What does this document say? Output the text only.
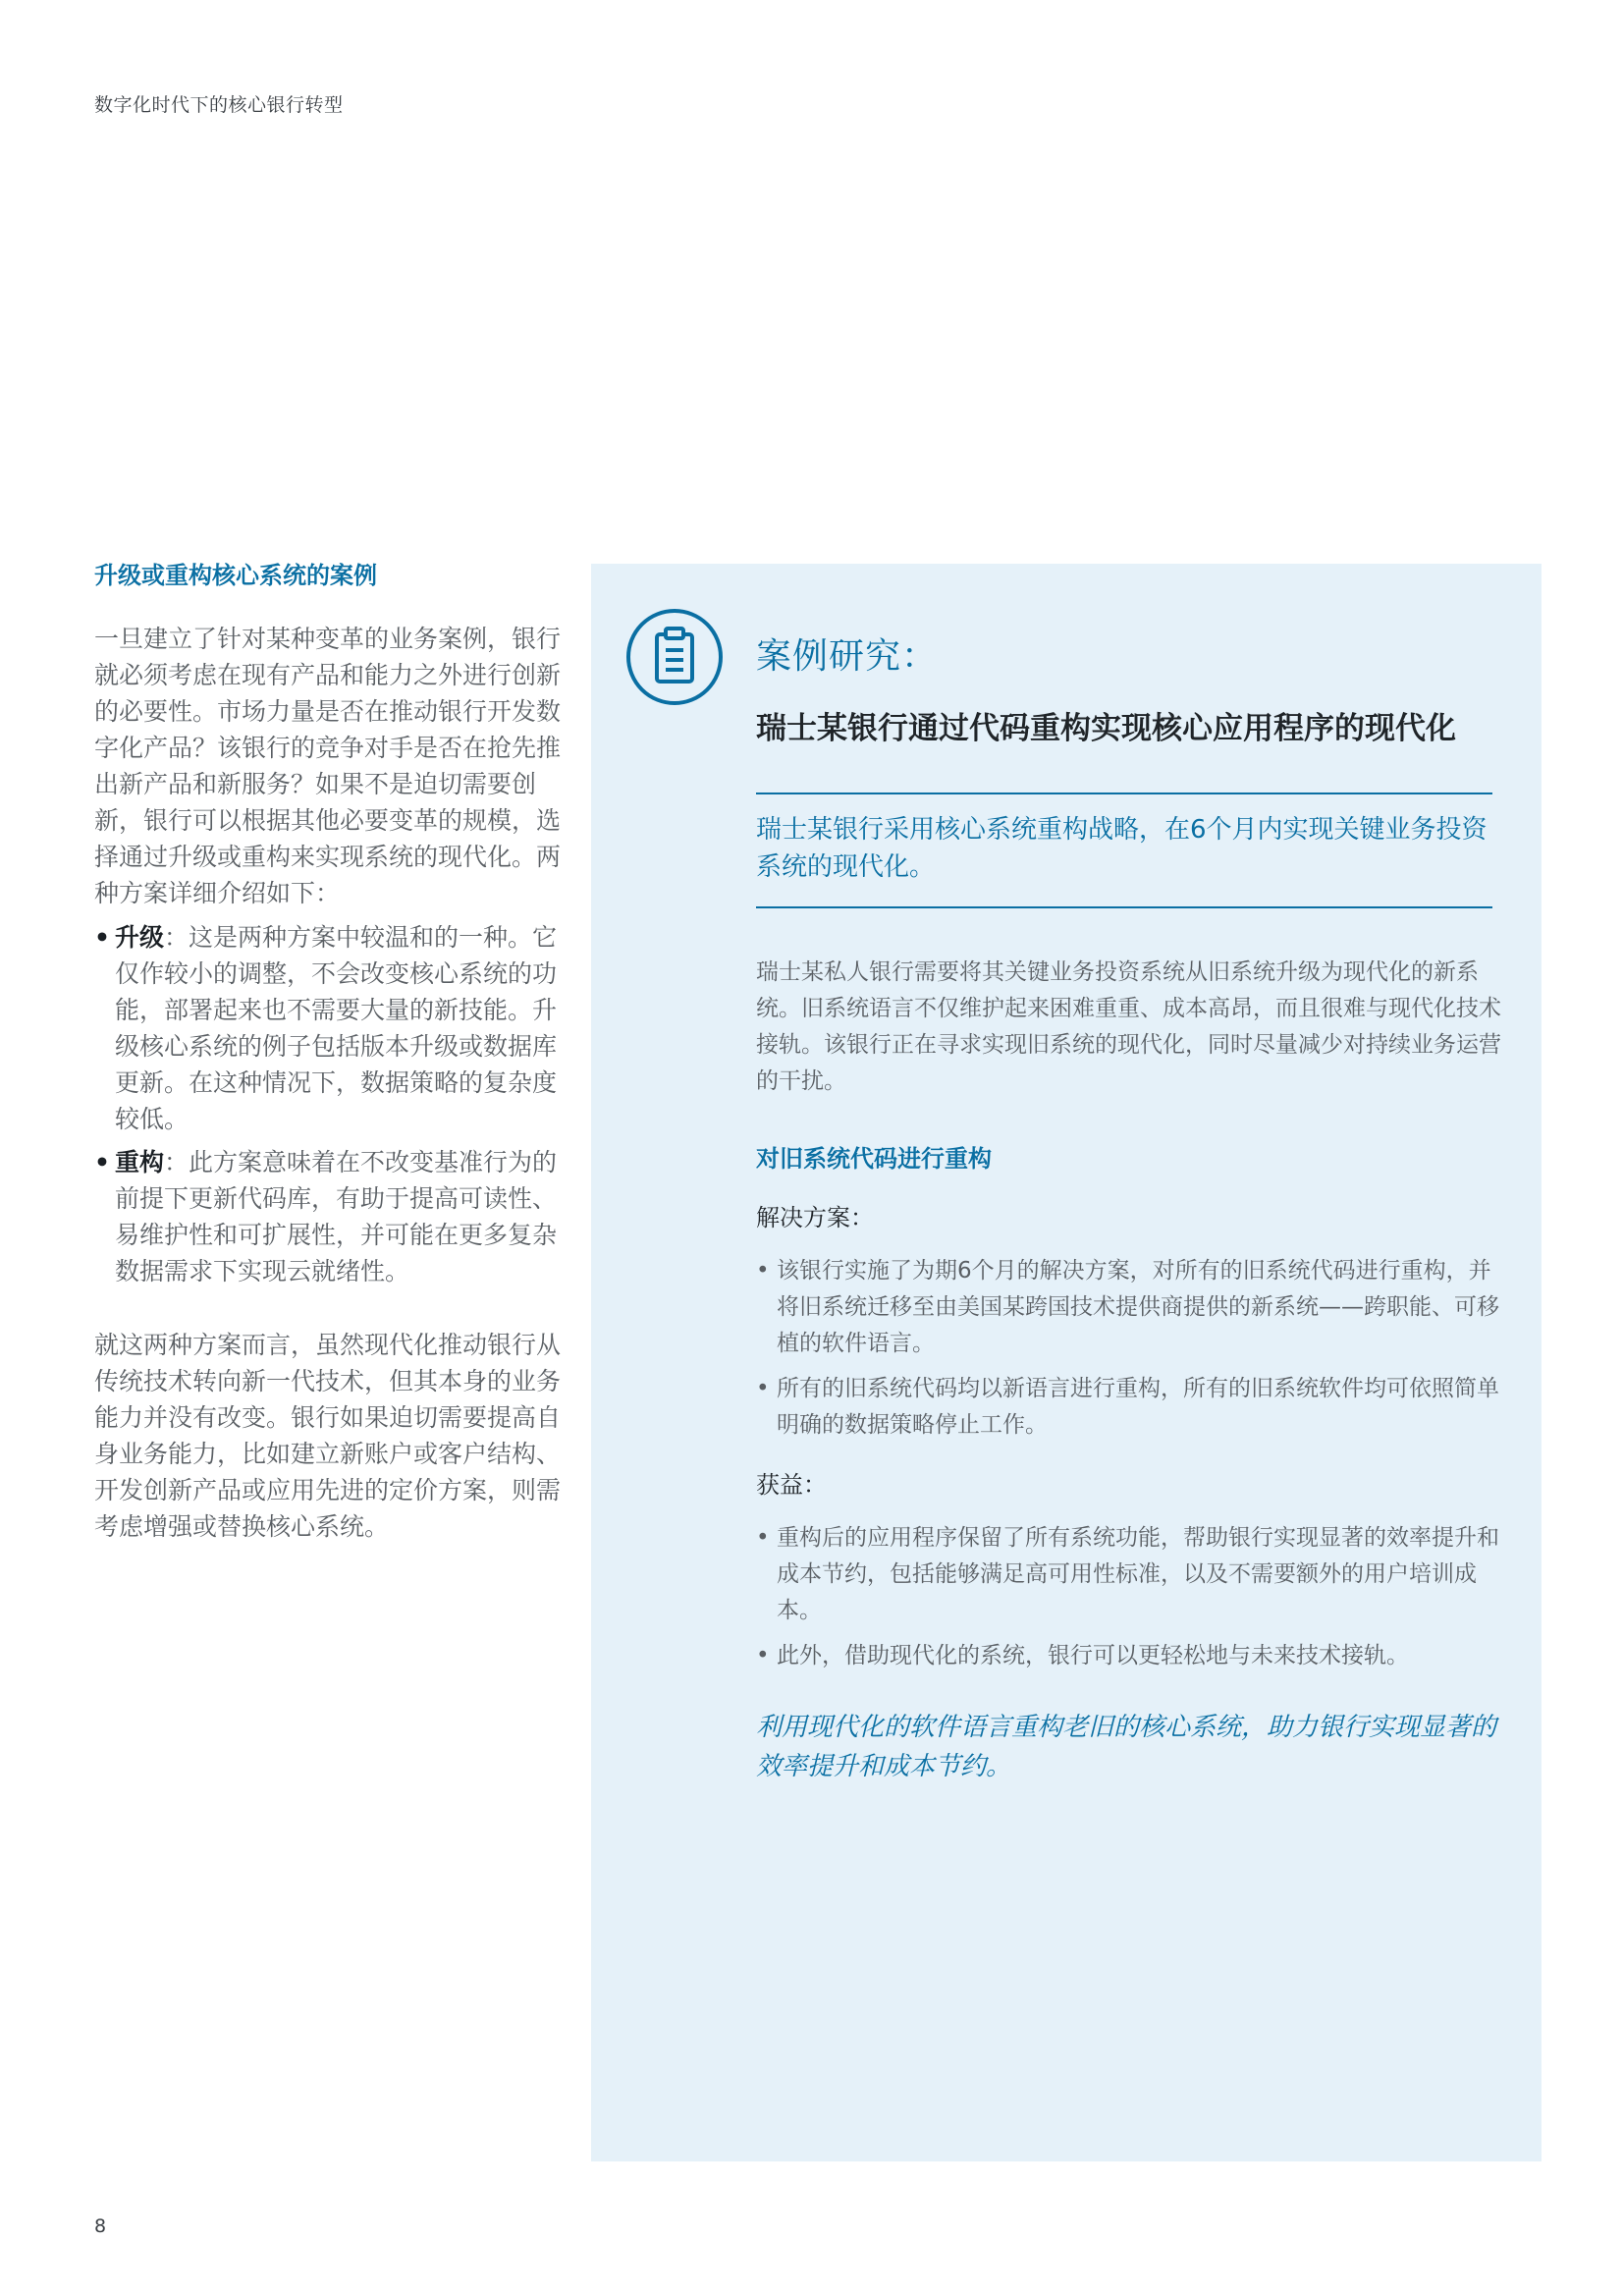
数字化时代下的核心银行转型
升级或重构核心系统的案例

一旦建立了针对某种变革的业务案例，银行就必须考虑在现有产品和能力之外进行创新的必要性。市场力量是否在推动银行开发数字化产品？该银行的竞争对手是否在抢先推出新产品和新服务？如果不是迫切需要创新，银行可以根据其他必要变革的规模，选择通过升级或重构来实现系统的现代化。两种方案详细介绍如下：

• 升级：这是两种方案中较温和的一种。它仅作较小的调整，不会改变核心系统的功能，部署起来也不需要大量的新技能。升级核心系统的例子包括版本升级或数据库更新。在这种情况下，数据策略的复杂度较低。
• 重构：此方案意味着在不改变基准行为的前提下更新代码库，有助于提高可读性、易维护性和可扩展性，并可能在更多复杂数据需求下实现云就绪性。

就这两种方案而言，虽然现代化推动银行从传统技术转向新一代技术，但其本身的业务能力并没有改变。银行如果迫切需要提高自身业务能力，比如建立新账户或客户结构、开发创新产品或应用先进的定价方案，则需考虑增强或替换核心系统。

案例研究：
瑞士某银行通过代码重构实现核心应用程序的现代化
瑞士某银行采用核心系统重构战略，在6个月内实现关键业务投资系统的现代化。

瑞士某私人银行需要将其关键业务投资系统从旧系统升级为现代化的新系统。旧系统语言不仅维护起来困难重重、成本高昂，而且很难与现代化技术接轨。该银行正在寻求实现旧系统的现代化，同时尽量减少对持续业务运营的干扰。

对旧系统代码进行重构
解决方案：
• 该银行实施了为期6个月的解决方案，对所有的旧系统代码进行重构，并将旧系统迁移至由美国某跨国技术提供商提供的新系统——跨职能、可移植的软件语言。
• 所有的旧系统代码均以新语言进行重构，所有的旧系统软件均可依照简单明确的数据策略停止工作。
获益：
• 重构后的应用程序保留了所有系统功能，帮助银行实现显著的效率提升和成本节约，包括能够满足高可用性标准，以及不需要额外的用户培训成本。
• 此外，借助现代化的系统，银行可以更轻松地与未来技术接轨。

利用现代化的软件语言重构老旧的核心系统，助力银行实现显著的效率提升和成本节约。

8
